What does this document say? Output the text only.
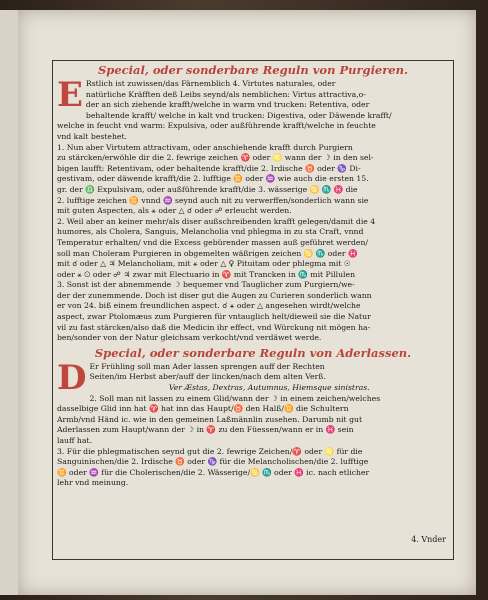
Special, oder sonderbare Reguln von Purgieren.

E Rstlich ist zuwissen/das Färnemblich 4. Virtutes naturales, oder
natürliche Kräfften deß Leibs seynd/als nemblichen: Virtus attractiva,o-
der an sich ziehende krafft/welche in warm vnd trucken: Retentiva, oder
behaltende krafft/ welche in kalt vnd trucken: Digestiva, oder Däwende krafft/
welche in feucht vnd warm: Expulsiva, oder außführende krafft/welche in feuchte
vnd kalt bestehet.
1. Nun aber Virtutem attractivam, oder anschiehende krafft durch Purgiern
zu stärcken/erwöhle dir die 2. fewrige zeichen ♈ oder ♌ wann der ☽ in den sel-
bigen laufft: Retentivam, oder behaltende krafft/die 2. Irdische ♉ oder ♑ Di-
gestivam, oder däwende krafft/die 2. lufftige ♊ oder ♒ wie auch die ersten 15.
gr. der ♎ Expulsivam, oder außführende krafft/die 3. wässerige ♋ ♏ ♓ die
2. lufftige zeichen ♊ vnnd ♒ seynd auch nit zu verwerffen/sonderlich wann sie
mit guten Aspecten, als ⚹ oder △ ☌ oder ☍ erleucht werden.
2. Weil aber an keiner mehr/als diser außschreibenden krafft gelegen/damit die 4
humores, als Cholera, Sanguis, Melancholia vnd phlegma in zu sta Craft, vnnd
Temperatur erhalten/ vnd die Excess gebürender massen auß geführet werden/
soll man Choleram Purgieren in obgemelten wäßrigen zeichen ♋ ♏ oder ♓
mit ☌ oder △ ♃ Melancholiam, mit ⚹ oder △ ♀ Pituitam oder phlegma mit ☉
oder ⚹ ☉ oder ☍ ♃ zwar mit Electuario in ♈ mit Trancken in ♏ mit Pillulen
3. Sonst ist der abnemmende ☽ bequemer vnd Tauglicher zum Purgiern/we-
der der zunemmende. Doch ist diser gut die Augen zu Curieren sonderlich wann
er von 24. biß einem freundlichen aspect. ☌ ⚹ oder △ angesehen wirdt/welche
aspect, zwar Ptolomæus zum Purgieren für vntauglich helt/dieweil sie die Natur
vil zu fast stärcken/also daß die Medicin ihr effect, vnd Würckung nit mögen ha-
ben/sonder von der Natur gleichsam verkocht/vnd verdäwet werde.

Special, oder sonderbare Reguln von Aderlassen.

D Er Frühling soll man Ader lassen sprengen auff der Rechten
Seiten/im Herbst aber/auff der lincken/nach dem alten Verß.
Ver Æstas, Dextras, Autumnus, Hiemsque sinistras.
2. Soll man nit lassen zu einem Glid/wann der ☽ in einem zeichen/welches
dasselbige Glid inn hat ♈ hat inn das Haupt/♉ den Halß/♊ die Schultern
Armb/vnd Händ ic. wie in den gemeinen Laßmännlin zusehen. Darumb nit gut
Aderlassen zum Haupt/wann der ☽ in ♈ zu den Füessen/wann er in ♓ sein
lauff hat.
3. Für die phlegmatischen seynd gut die 2. fewrige Zeichen/♈ oder ♌ für die
Sanguinischen/die 2. Irdische ♉ oder ♑ für die Melancholischen/die 2. lufftige
♊ oder ♒ für die Cholerischen/die 2. Wässerige/♋ ♏ oder ♓ ic. nach etlicher
lehr vnd meinung.
4. Vnder
